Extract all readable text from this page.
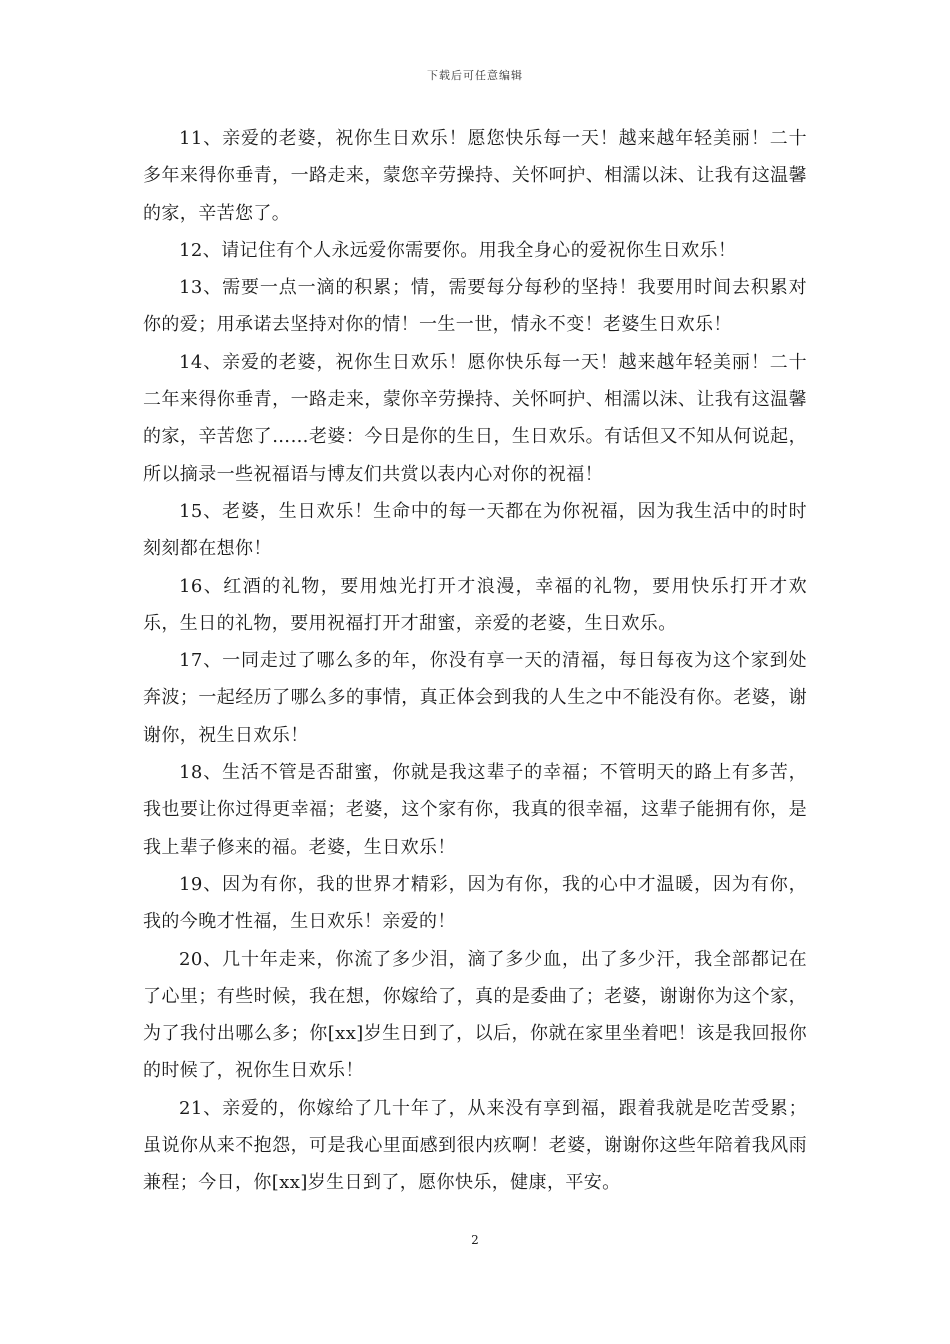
下载后可任意编辑

11、亲爱的老婆，祝你生日欢乐！愿您快乐每一天！越来越年轻美丽！二十多年来得你垂青，一路走来，蒙您辛劳操持、关怀呵护、相濡以沫、让我有这温馨的家，辛苦您了。

12、请记住有个人永远爱你需要你。用我全身心的爱祝你生日欢乐！

13、需要一点一滴的积累；情，需要每分每秒的坚持！我要用时间去积累对你的爱；用承诺去坚持对你的情！一生一世，情永不变！老婆生日欢乐！

14、亲爱的老婆，祝你生日欢乐！愿你快乐每一天！越来越年轻美丽！二十二年来得你垂青，一路走来，蒙你辛劳操持、关怀呵护、相濡以沫、让我有这温馨的家，辛苦您了……老婆：今日是你的生日，生日欢乐。有话但又不知从何说起，所以摘录一些祝福语与博友们共赏以表内心对你的祝福！

15、老婆，生日欢乐！生命中的每一天都在为你祝福，因为我生活中的时时刻刻都在想你！

16、红酒的礼物，要用烛光打开才浪漫，幸福的礼物，要用快乐打开才欢乐，生日的礼物，要用祝福打开才甜蜜，亲爱的老婆，生日欢乐。

17、一同走过了哪么多的年，你没有享一天的清福，每日每夜为这个家到处奔波；一起经历了哪么多的事情，真正体会到我的人生之中不能没有你。老婆，谢谢你，祝生日欢乐！

18、生活不管是否甜蜜，你就是我这辈子的幸福；不管明天的路上有多苦，我也要让你过得更幸福；老婆，这个家有你，我真的很幸福，这辈子能拥有你，是我上辈子修来的福。老婆，生日欢乐！

19、因为有你，我的世界才精彩，因为有你，我的心中才温暖，因为有你，我的今晚才性福，生日欢乐！亲爱的！

20、几十年走来，你流了多少泪，滴了多少血，出了多少汗，我全部都记在了心里；有些时候，我在想，你嫁给了，真的是委曲了；老婆，谢谢你为这个家，为了我付出哪么多；你[xx]岁生日到了，以后，你就在家里坐着吧！该是我回报你的时候了，祝你生日欢乐！

21、亲爱的，你嫁给了几十年了，从来没有享到福，跟着我就是吃苦受累；虽说你从来不抱怨，可是我心里面感到很内疚啊！老婆，谢谢你这些年陪着我风雨兼程；今日，你[xx]岁生日到了，愿你快乐，健康，平安。

2
